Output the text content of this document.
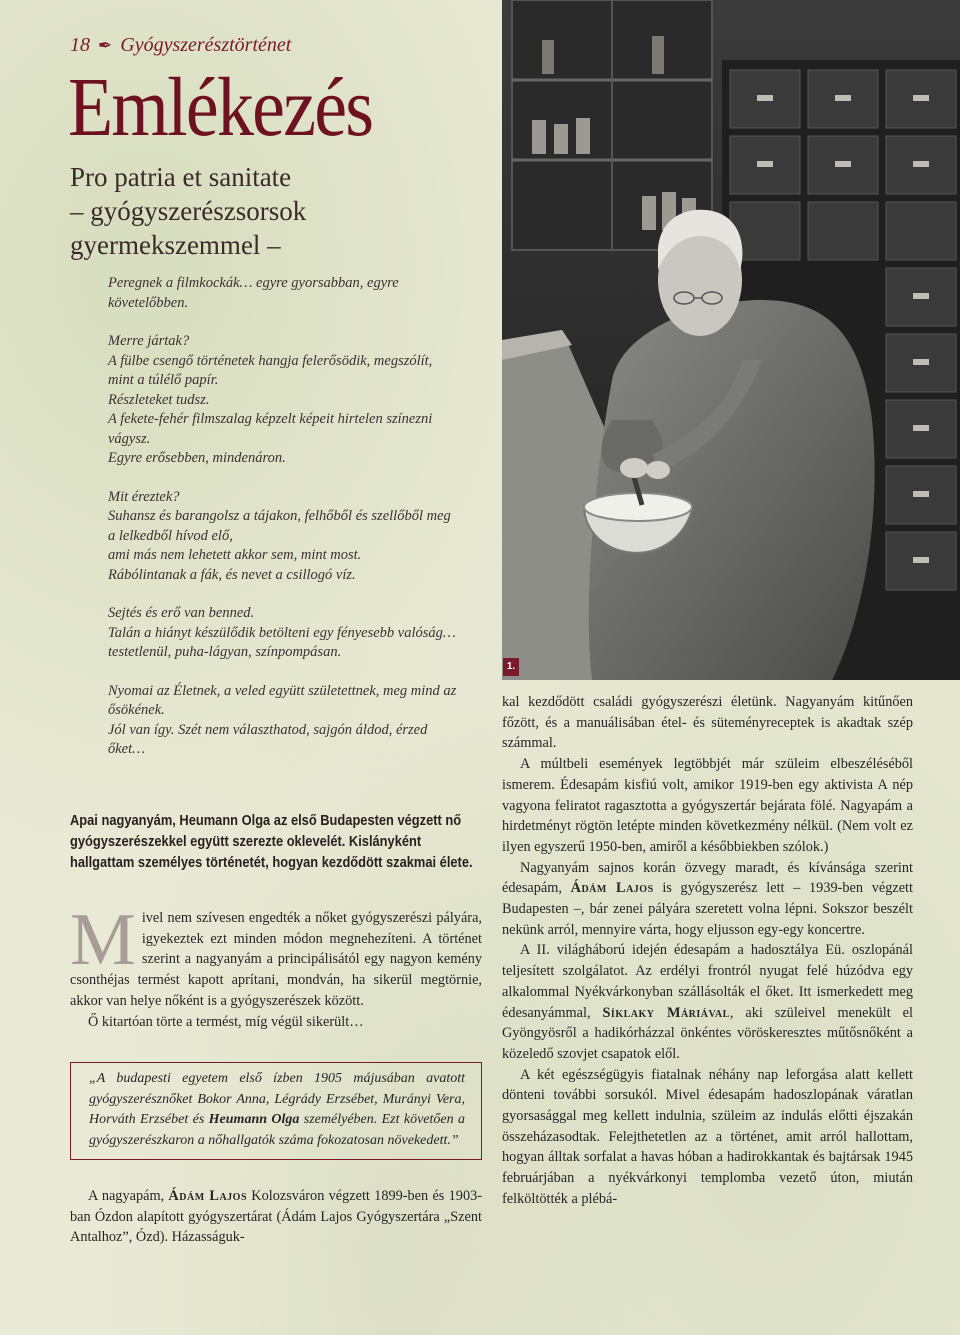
18 ✒ Gyógyszerésztörténet
Emlékezés
Pro patria et sanitate
– gyógyszerészsorsok
gyermekszemmel –

Peregnek a filmkockák… egyre gyorsabban, egyre követelőbben.

Merre jártak?
A fülbe csengő történetek hangja felerősödik, megszólít, mint a túlélő papír.
Részleteket tudsz.
A fekete-fehér filmszalag képzelt képeit hirtelen színezni vágysz.
Egyre erősebben, mindenáron.

Mit éreztek?
Suhansz és barangolsz a tájakon, felhőből és szellőből meg a lelkedből hívod elő,
ami más nem lehetett akkor sem, mint most.
Rábólintanak a fák, és nevet a csillogó víz.

Sejtés és erő van benned.
Talán a hiányt készülődik betölteni egy fényesebb valóság…
testetlenül, puha-lágyan, színpompásan.

Nyomai az Életnek, a veled együtt születettnek, meg mind az ősökének.
Jól van így. Szét nem választhatod, sajgón áldod, érzed őket…

Apai nagyanyám, Heumann Olga az első Budapesten végzett nő gyógyszerészekkel együtt szerezte oklevelét. Kislányként hallgattam személyes történetét, hogyan kezdődött szakmai élete.

Mivel nem szívesen engedték a nőket gyógyszerészi pályára, igyekeztek ezt minden módon megnehezíteni. A történet szerint a nagyanyám a principálisától egy nagyon kemény csonthéjas termést kapott aprítani, mondván, ha sikerül megtörnie, akkor van helye nőként is a gyógyszerészek között.

Ő kitartóan törte a termést, míg végül sikerült…

„A budapesti egyetem első ízben 1905 májusában avatott gyógyszerésznőket Bokor Anna, Légrády Erzsébet, Murányi Vera, Horváth Erzsébet és Heumann Olga személyében. Ezt követően a gyógyszerészkaron a nőhallgatók száma fokozatosan növekedett.”

A nagyapám, Ádám Lajos Kolozsváron végzett 1899-ben és 1903-ban Ózdon alapított gyógyszertárat (Ádám Lajos Gyógyszertára „Szent Antalhoz”, Ózd). Házasságuk-

1.

kal kezdődött családi gyógyszerészi életünk. Nagyanyám kitűnően főzött, és a manuálisában étel- és süteményreceptek is akadtak szép számmal.

A múltbeli események legtöbbjét már szüleim elbeszéléséből ismerem. Édesapám kisfiú volt, amikor 1919-ben egy aktivista A nép vagyona feliratot ragasztotta a gyógyszertár bejárata fölé. Nagyapám a hirdetményt rögtön letépte minden következmény nélkül. (Nem volt ez ilyen egyszerű 1950-ben, amiről a későbbiekben szólok.)

Nagyanyám sajnos korán özvegy maradt, és kívánsága szerint édesapám, Ádám Lajos is gyógyszerész lett – 1939-ben végzett Budapesten –, bár zenei pályára szeretett volna lépni. Sokszor beszélt nekünk arról, mennyire várta, hogy eljusson egy-egy koncertre.

A II. világháború idején édesapám a hadosztálya Eü. oszlopánál teljesített szolgálatot. Az erdélyi frontról nyugat felé húzódva egy alkalommal Nyékvárkonyban szállásolták el őket. Itt ismerkedett meg édesanyámmal, Síklaky Máriával, aki szüleivel menekült el Gyöngyösről a hadikórházzal önkéntes vöröskeresztes műtősnőként a közeledő szovjet csapatok elől.

A két egészségügyis fiatalnak néhány nap leforgása alatt kellett dönteni további sorsukól. Mivel édesapám hadoszlopának váratlan gyorsasággal meg kellett indulnia, szüleim az indulás előtti éjszakán összeházasodtak. Felejthetetlen az a történet, amit arról hallottam, hogyan álltak sorfalat a havas hóban a hadirokkantak és bajtársak 1945 februárjában a nyékvárkonyi templomba vezető úton, miután felköltötték a plébá-
